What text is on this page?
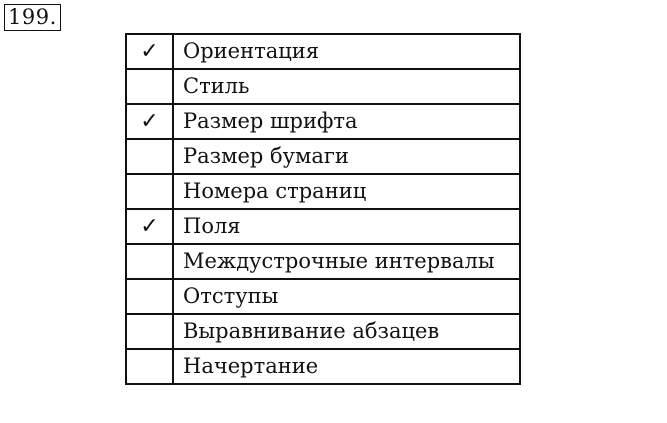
199.
✓	Ориентация
	Стиль
✓	Размер шрифта
	Размер бумаги
	Номера страниц
✓	Поля
	Междустрочные интервалы
	Отступы
	Выравнивание абзацев
	Начертание
